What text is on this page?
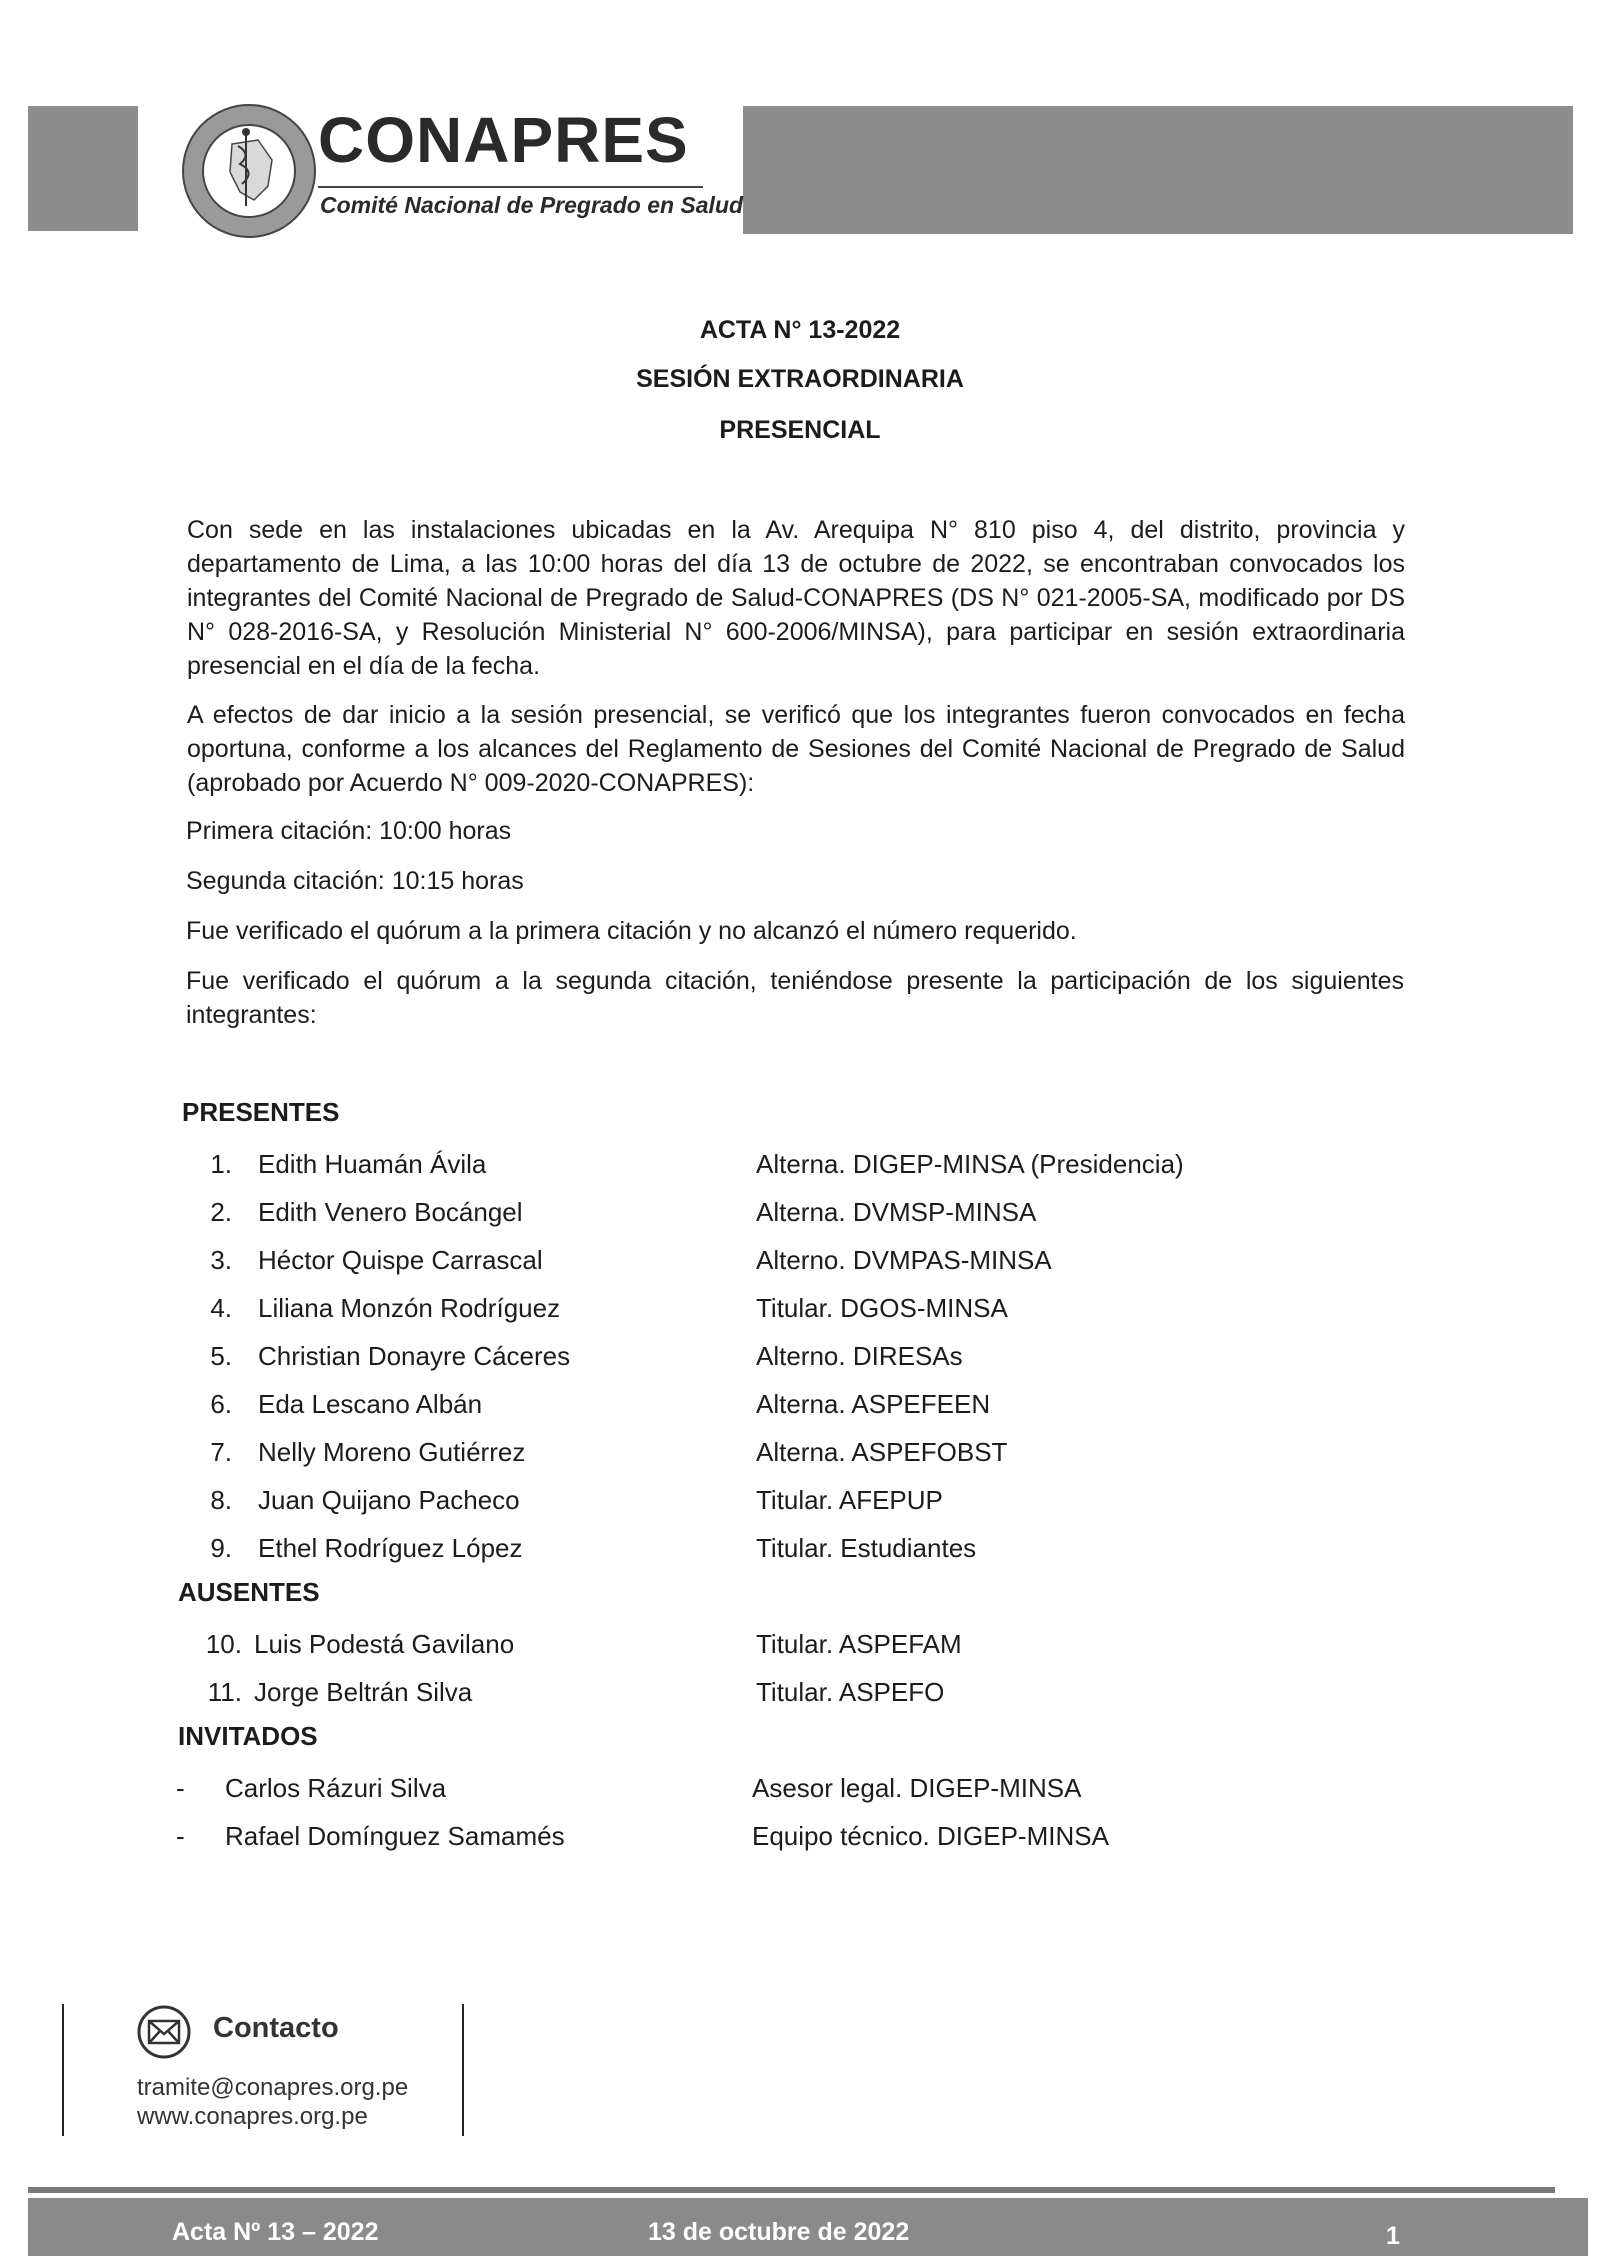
CONAPRES
Comité Nacional de Pregrado en Salud
ACTA N° 13-2022
SESIÓN EXTRAORDINARIA
PRESENCIAL
Con sede en las instalaciones ubicadas en la Av. Arequipa N° 810 piso 4, del distrito, provincia y departamento de Lima, a las 10:00 horas del día 13 de octubre de 2022, se encontraban convocados los integrantes del Comité Nacional de Pregrado de Salud-CONAPRES (DS N° 021-2005-SA, modificado por DS N° 028-2016-SA, y Resolución Ministerial N° 600-2006/MINSA), para participar en sesión extraordinaria presencial en el día de la fecha.
A efectos de dar inicio a la sesión presencial, se verificó que los integrantes fueron convocados en fecha oportuna, conforme a los alcances del Reglamento de Sesiones del Comité Nacional de Pregrado de Salud (aprobado por Acuerdo N° 009-2020-CONAPRES):
Primera citación: 10:00 horas
Segunda citación: 10:15 horas
Fue verificado el quórum a la primera citación y no alcanzó el número requerido.
Fue verificado el quórum a la segunda citación, teniéndose presente la participación de los siguientes integrantes:
PRESENTES
1. Edith Huamán Ávila	Alterna. DIGEP-MINSA (Presidencia)
2. Edith Venero Bocángel	Alterna. DVMSP-MINSA
3. Héctor Quispe Carrascal	Alterno. DVMPAS-MINSA
4. Liliana Monzón Rodríguez	Titular. DGOS-MINSA
5. Christian Donayre Cáceres	Alterno. DIRESAs
6. Eda Lescano Albán	Alterna. ASPEFEEN
7. Nelly Moreno Gutiérrez	Alterna. ASPEFOBST
8. Juan Quijano Pacheco	Titular. AFEPUP
9. Ethel Rodríguez López	Titular. Estudiantes
AUSENTES
10. Luis Podestá Gavilano	Titular. ASPEFAM
11. Jorge Beltrán Silva	Titular. ASPEFO
INVITADOS
- Carlos Rázuri Silva	Asesor legal. DIGEP-MINSA
- Rafael Domínguez Samamés	Equipo técnico. DIGEP-MINSA
Contacto
tramite@conapres.org.pe
www.conapres.org.pe
Acta Nº 13 – 2022	13 de octubre de 2022	1
